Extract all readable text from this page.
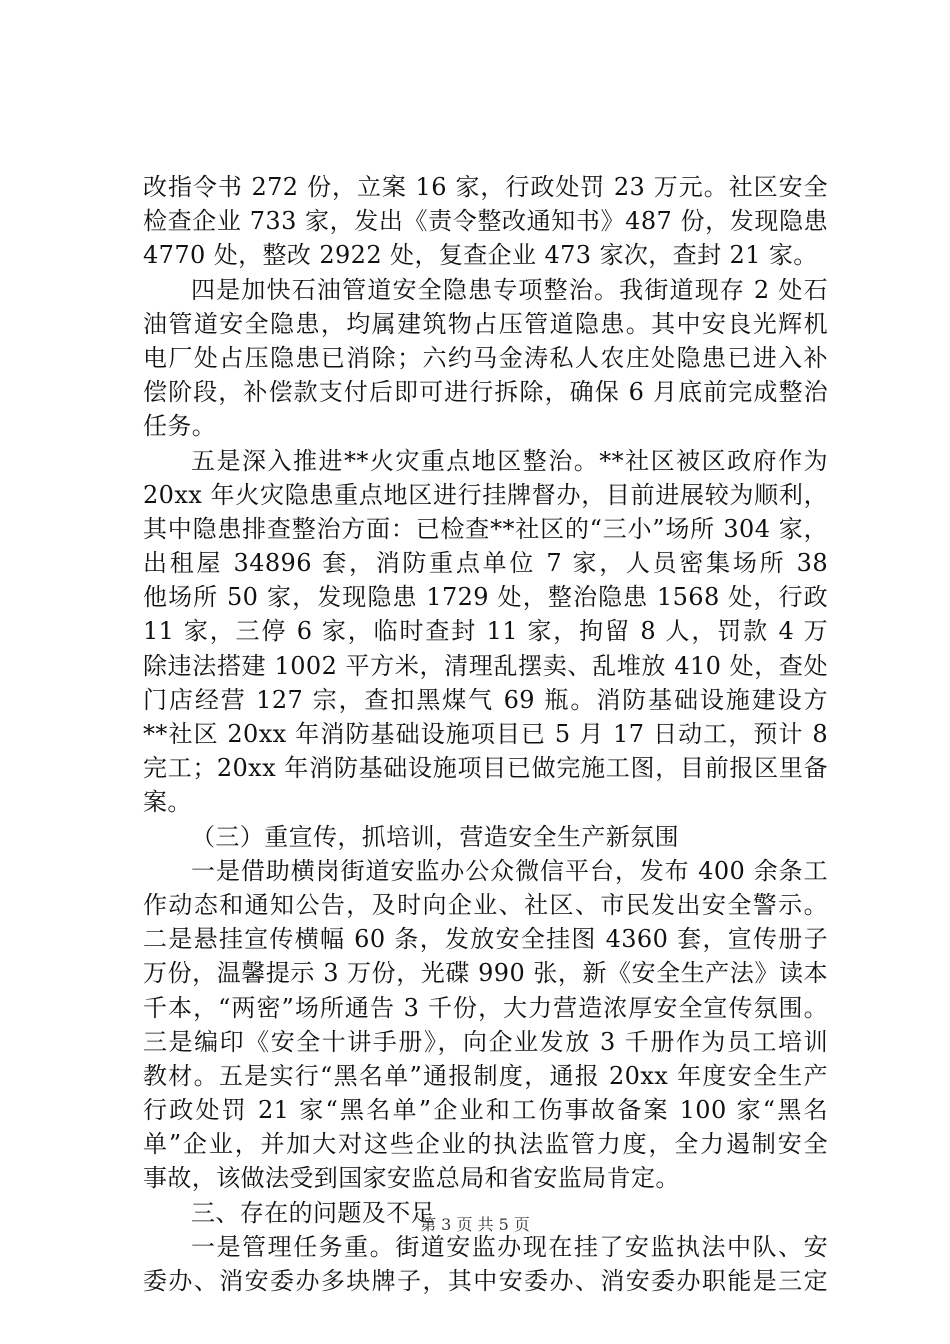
改指令书 272 份，立案 16 家，行政处罚 23 万元。社区安全
检查企业 733 家，发出《责令整改通知书》487 份，发现隐患
4770 处，整改 2922 处，复查企业 473 家次，查封 21 家。
四是加快石油管道安全隐患专项整治。我街道现存 2 处石
油管道安全隐患，均属建筑物占压管道隐患。其中安良光辉机
电厂处占压隐患已消除；六约马金涛私人农庄处隐患已进入补
偿阶段，补偿款支付后即可进行拆除，确保 6 月底前完成整治
任务。
五是深入推进**火灾重点地区整治。**社区被区政府作为
20xx 年火灾隐患重点地区进行挂牌督办，目前进展较为顺利，
其中隐患排查整治方面：已检查**社区的“三小”场所 304 家，
出租屋 34896 套，消防重点单位 7 家，人员密集场所 38
他场所 50 家，发现隐患 1729 处，整治隐患 1568 处，行政
11 家，三停 6 家，临时查封 11 家，拘留 8 人，罚款 4 万
除违法搭建 1002 平方米，清理乱摆卖、乱堆放 410 处，查处
门店经营 127 宗，查扣黑煤气 69 瓶。消防基础设施建设方
**社区 20xx 年消防基础设施项目已 5 月 17 日动工，预计 8
完工；20xx 年消防基础设施项目已做完施工图，目前报区里备
案。
（三）重宣传，抓培训，营造安全生产新氛围
一是借助横岗街道安监办公众微信平台，发布 400 余条工
作动态和通知公告，及时向企业、社区、市民发出安全警示。
二是悬挂宣传横幅 60 条，发放安全挂图 4360 套，宣传册子
万份，温馨提示 3 万份，光碟 990 张，新《安全生产法》读本
千本，“两密”场所通告 3 千份，大力营造浓厚安全宣传氛围。
三是编印《安全十讲手册》，向企业发放 3 千册作为员工培训
教材。五是实行“黑名单”通报制度，通报 20xx 年度安全生产
行政处罚 21 家“黑名单”企业和工伤事故备案 100 家“黑名
单”企业，并加大对这些企业的执法监管力度，全力遏制安全
事故，该做法受到国家安监总局和省安监局肯定。
三、存在的问题及不足
一是管理任务重。街道安监办现在挂了安监执法中队、安
委办、消安委办多块牌子，其中安委办、消安委办职能是三定
第 3 页 共 5 页
